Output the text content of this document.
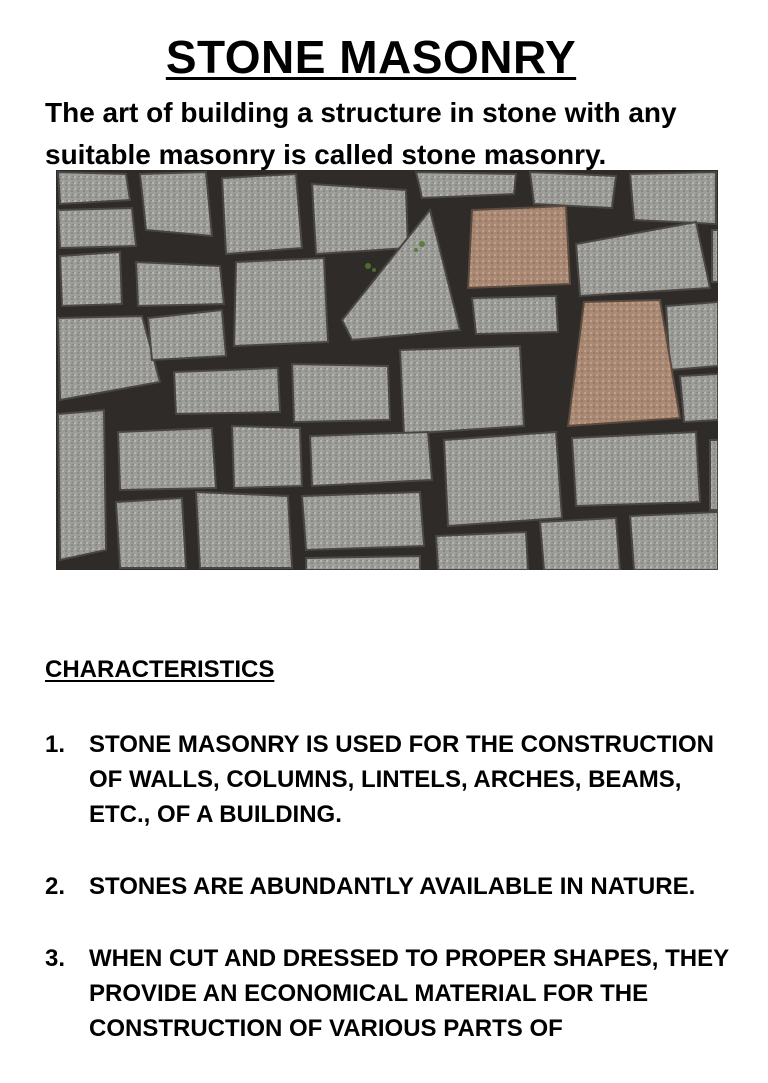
STONE MASONRY
The art of building a structure in stone with any suitable masonry is called stone masonry.
CHARACTERISTICS
1. STONE MASONRY IS USED FOR THE CONSTRUCTION OF WALLS, COLUMNS, LINTELS, ARCHES, BEAMS, ETC., OF A BUILDING.
2. STONES ARE ABUNDANTLY AVAILABLE IN NATURE.
3. WHEN CUT AND DRESSED TO PROPER SHAPES, THEY PROVIDE AN ECONOMICAL MATERIAL FOR THE CONSTRUCTION OF VARIOUS PARTS OF
